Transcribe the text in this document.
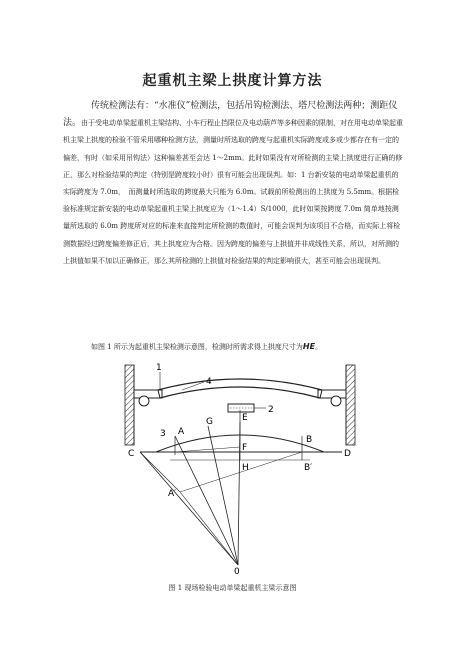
起重机主梁上拱度计算方法

传统检测法有：“水准仪”检测法，包括吊钩检测法、塔尺检测法两种；测距仪法。由于受电动单梁起重机主梁结构、小车行程止挡限位及电动葫芦等多种因素的限制，对在用电动单梁起重机主梁上拱度的检验不管采用哪种检测方法，测量时所选取的跨度与起重机实际跨度或多或少都存在有一定的偏差，有时（如采用吊钩法）这种偏差甚至会达 1～2mm。此时如果没有对所检测的主梁上拱度进行正确的修正，那么对检验结果的判定（特别是跨度较小时）很有可能会出现误判。如：1 台新安装的电动单梁起重机的实际跨度为 7.0m，　而测量时所选取的跨度最大只能为 6.0m。试载前所检测出的上拱度为 5.5mm。根据检验标准规定新安装的电动单梁起重机主梁上拱度应为（1～1.4）S/1000，此时如果按跨度 7.0m 简单地按测量所选取的 6.0m 跨度所对应的标准来直接判定所检测的数值时，可能会误判为该项目不合格，而实际上将检测数据经过跨度偏差修正后，其上拱度应为合格。因为跨度的偏差与上拱值并非成线性关系，所以，对所测的上拱值如果不加以正确修正，那么其所检测的上拱值对检验结果的判定影响很大，甚至可能会出现误判。

如图 1 所示为起重机主梁检测示意图，检测时所需求得上拱度尺寸为HE。

1
4
2
3 A
G	E
B
C
F
D
H	B′
A′
0
图 1 现场检验电动单梁起重机主梁示意图
